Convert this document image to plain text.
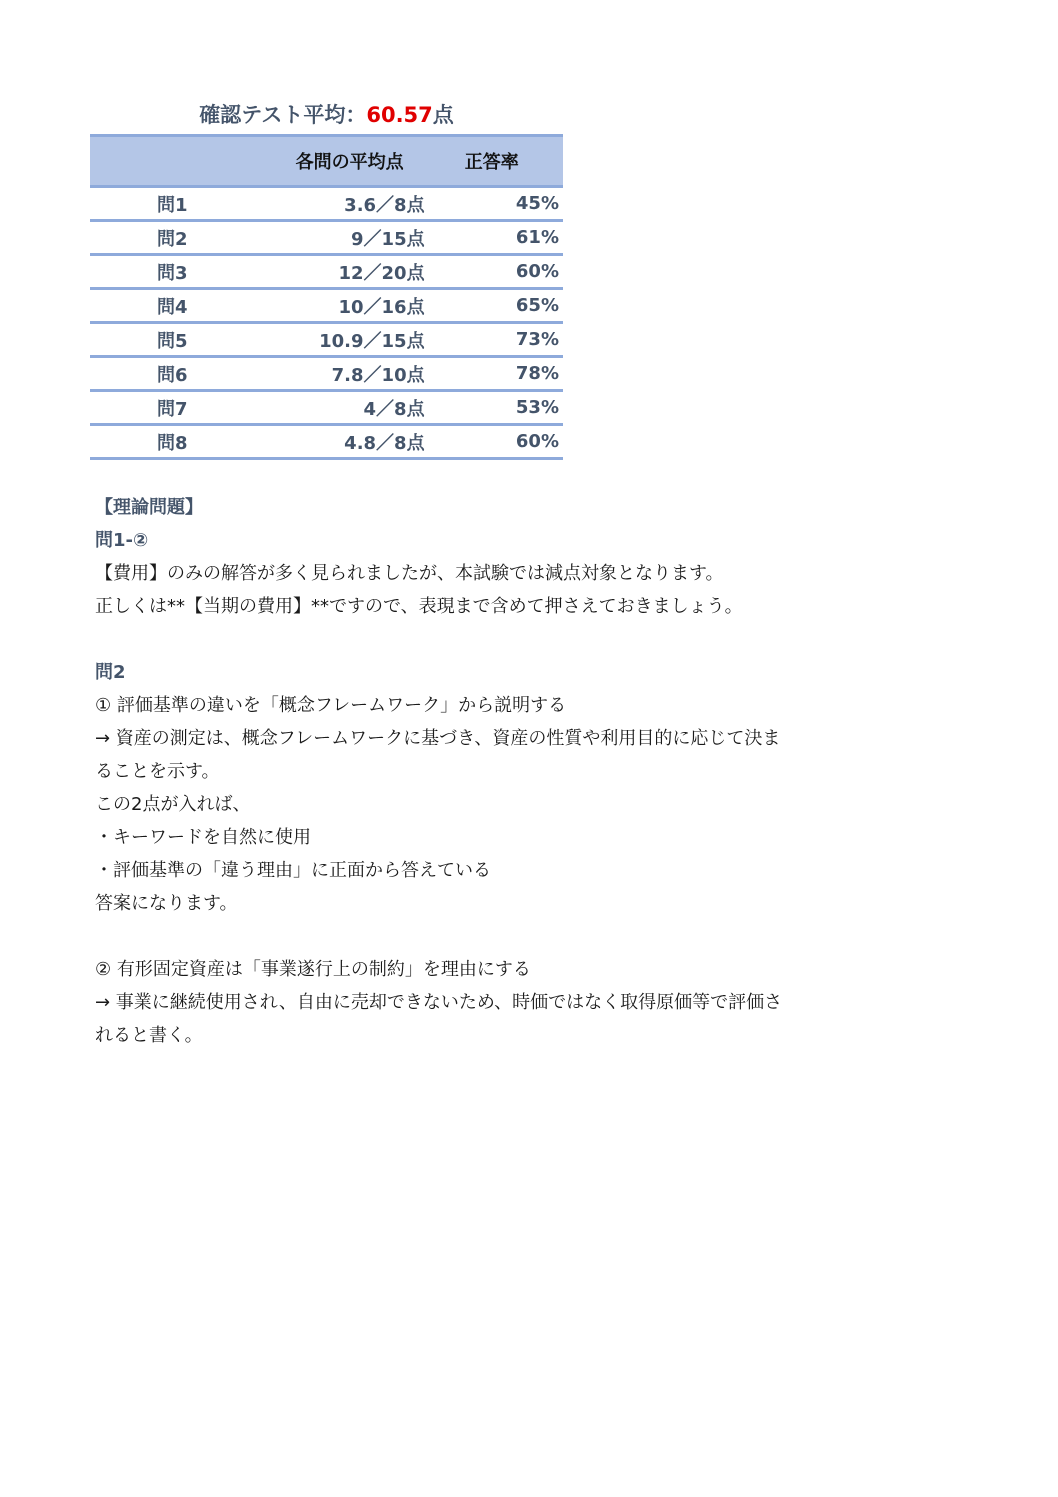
確認テスト平均：60.57点
	各問の平均点	正答率
問1	3.6／8点	45%
問2	9／15点	61%
問3	12／20点	60%
問4	10／16点	65%
問5	10.9／15点	73%
問6	7.8／10点	78%
問7	4／8点	53%
問8	4.8／8点	60%
【理論問題】
問1-②
【費用】のみの解答が多く見られましたが、本試験では減点対象となります。
正しくは**【当期の費用】**ですので、表現まで含めて押さえておきましょう。
問2
① 評価基準の違いを「概念フレームワーク」から説明する
→ 資産の測定は、概念フレームワークに基づき、資産の性質や利用目的に応じて決ま
ることを示す。
この2点が入れば、
・キーワードを自然に使用
・評価基準の「違う理由」に正面から答えている
答案になります。
② 有形固定資産は「事業遂行上の制約」を理由にする
→ 事業に継続使用され、自由に売却できないため、時価ではなく取得原価等で評価さ
れると書く。
